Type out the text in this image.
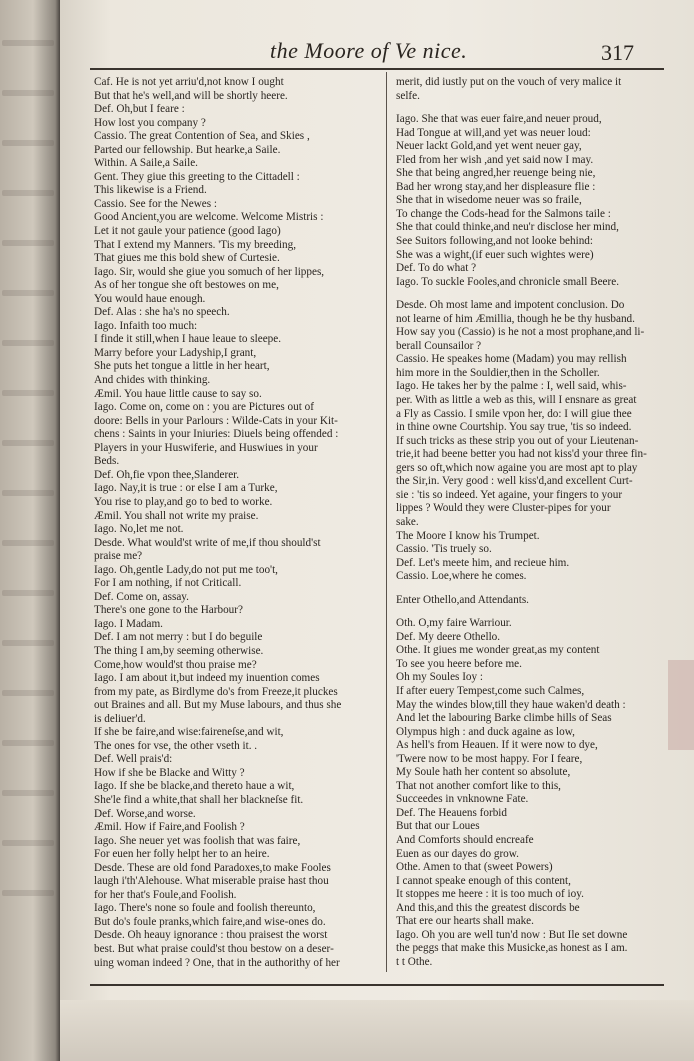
the Moore of Ve nice.	317
Caf. He is not yet arriu'd,not know I ought
But that he's well,and will be shortly heere.
Def. Oh,but I feare :
How lost you company ?
Cassio. The great Contention of Sea, and Skies ,
Parted our fellowship. But hearke,a Saile.
Within. A Saile,a Saile.
Gent. They giue this greeting to the Cittadell :
This likewise is a Friend.
Cassio. See for the Newes :
Good Ancient,you are welcome. Welcome Mistris :
Let it not gaule your patience (good Iago)
That I extend my Manners. 'Tis my breeding,
That giues me this bold shew of Curtesie.
Iago. Sir, would she giue you somuch of her lippes,
As of her tongue she oft bestowes on me,
You would haue enough.
Def. Alas : she ha's no speech.
Iago. Infaith too much:
I finde it still,when I haue leaue to sleepe.
Marry before your Ladyship,I grant,
She puts het tongue a little in her heart,
And chides with thinking.
Æmil. You haue little cause to say so.
Iago. Come on, come on : you are Pictures out of
doore: Bells in your Parlours : Wilde-Cats in your Kit-
chens : Saints in your Iniuries: Diuels being offended :
Players in your Huswiferie, and Huswiues in your
Beds.
Def. Oh,fie vpon thee,Slanderer.
Iago. Nay,it is true : or else I am a Turke,
You rise to play,and go to bed to worke.
Æmil. You shall not write my praise.
Iago. No,let me not.
Desde. What would'st write of me,if thou should'st
praise me?
Iago. Oh,gentle Lady,do not put me too't,
For I am nothing, if not Criticall.
Def. Come on, assay.
There's one gone to the Harbour?
Iago. I Madam.
Def. I am not merry : but I do beguile
The thing I am,by seeming otherwise.
Come,how would'st thou praise me?
Iago. I am about it,but indeed my inuention comes
from my pate, as Birdlyme do's from Freeze,it pluckes
out Braines and all. But my Muse labours, and thus she
is deliuer'd.
If she be faire,and wise:faireneſse,and wit,
The ones for vse, the other vseth it. .
Def. Well prais'd:
How if she be Blacke and Witty ?
Iago. If she be blacke,and thereto haue a wit,
She'le find a white,that shall her blackneſse fit.
Def. Worse,and worse.
Æmil. How if Faire,and Foolish ?
Iago. She neuer yet was foolish that was faire,
For euen her folly helpt her to an heire.
Desde. These are old fond Paradoxes,to make Fooles
laugh i'th'Alehouse. What miserable praise hast thou
for her that's Foule,and Foolish.
Iago. There's none so foule and foolish thereunto,
But do's foule pranks,which faire,and wise-ones do.
Desde. Oh heauy ignorance : thou praisest the worst
best. But what praise could'st thou bestow on a deser-
uing woman indeed ? One, that in the authorithy of her
merit, did iustly put on the vouch of very malice it
selfe.
Iago. She that was euer faire,and neuer proud,
Had Tongue at will,and yet was neuer loud:
Neuer lackt Gold,and yet went neuer gay,
Fled from her wish ,and yet said now I may.
She that being angred,her reuenge being nie,
Bad her wrong stay,and her displeasure flie :
She that in wisedome neuer was so fraile,
To change the Cods-head for the Salmons taile :
She that could thinke,and neu'r disclose her mind,
See Suitors following,and not looke behind:
She was a wight,(if euer such wightes were)
Def. To do what ?
Iago. To suckle Fooles,and chronicle small Beere.
Desde. Oh most lame and impotent conclusion. Do
not learne of him Æmillia, though he be thy husband.
How say you (Cassio) is he not a most prophane,and li-
berall Counsailor ?
Cassio. He speakes home (Madam) you may rellish
him more in the Souldier,then in the Scholler.
Iago. He takes her by the palme : I, well said, whis-
per. With as little a web as this, will I ensnare as great
a Fly as Cassio. I smile vpon her, do: I will giue thee
in thine owne Courtship. You say true, 'tis so indeed.
If such tricks as these strip you out of your Lieutenan-
trie,it had beene better you had not kiss'd your three fin-
gers so oft,which now againe you are most apt to play
the Sir,in. Very good : well kiss'd,and excellent Curt-
sie : 'tis so indeed. Yet againe, your fingers to your
lippes ? Would they were Cluster-pipes for your
sake.
The Moore I know his Trumpet.
Cassio. 'Tis truely so.
Def. Let's meete him, and recieue him.
Cassio. Loe,where he comes.
Enter Othello,and Attendants.
Oth. O,my faire Warriour.
Def. My deere Othello.
Othe. It giues me wonder great,as my content
To see you heere before me.
Oh my Soules Ioy :
If after euery Tempest,come such Calmes,
May the windes blow,till they haue waken'd death :
And let the labouring Barke climbe hills of Seas
Olympus high : and duck againe as low,
As hell's from Heauen. If it were now to dye,
'Twere now to be most happy. For I feare,
My Soule hath her content so absolute,
That not another comfort like to this,
Succeedes in vnknowne Fate.
Def. The Heauens forbid
But that our Loues
And Comforts should encreafe
Euen as our dayes do grow.
Othe. Amen to that (sweet Powers)
I cannot speake enough of this content,
It stoppes me heere : it is too much of ioy.
And this,and this the greatest discords be
That ere our hearts shall make.
Iago. Oh you are well tun'd now : But Ile set downe
the peggs that make this Musicke,as honest as I am.
t t Othe.
